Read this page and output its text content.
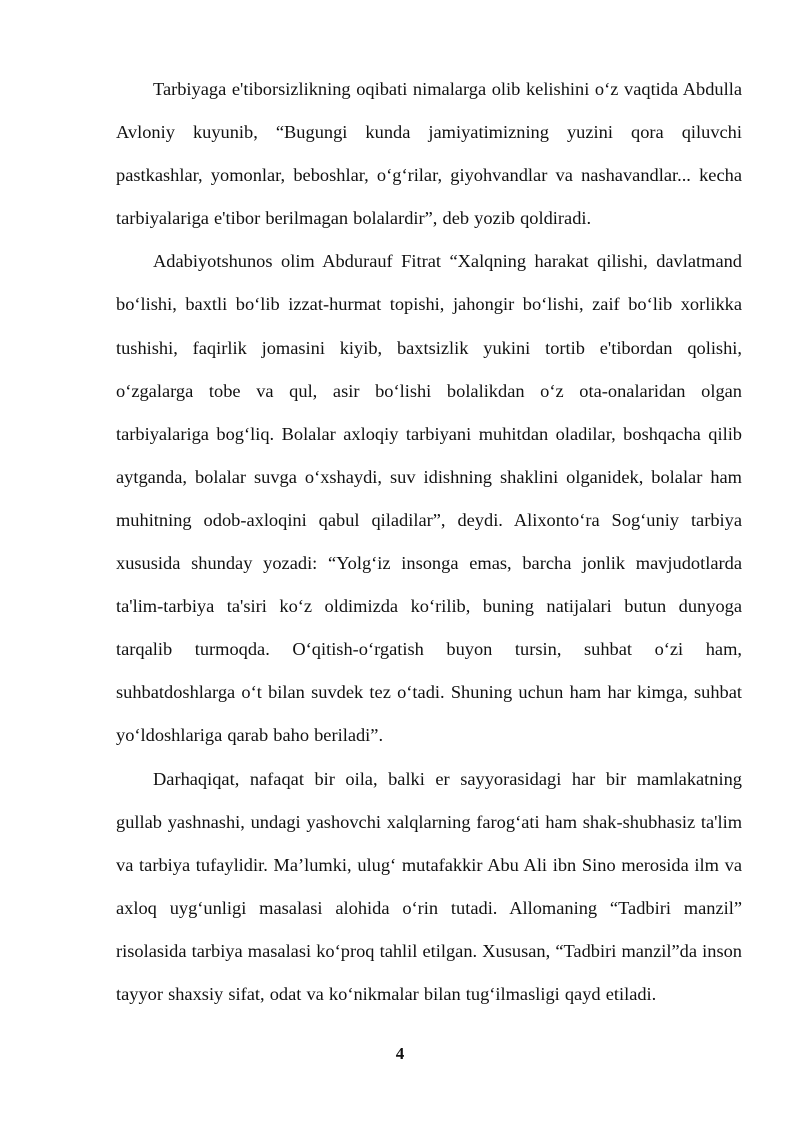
Tarbiyaga e'tiborsizlikning oqibati nimalarga olib kelishini o‘z vaqtida Abdulla Avloniy kuyunib, “Bugungi kunda jamiyatimizning yuzini qora qiluvchi pastkashlar, yomonlar, beboshlar, o‘g‘rilar, giyohvandlar va nashavandlar... kecha tarbiyalariga e'tibor berilmagan bolalardir”, deb yozib qoldiradi.

Adabiyotshunos olim Abdurauf Fitrat “Xalqning harakat qilishi, davlatmand bo‘lishi, baxtli bo‘lib izzat-hurmat topishi, jahongir bo‘lishi, zaif bo‘lib xorlikka tushishi, faqirlik jomasini kiyib, baxtsizlik yukini tortib e'tibordan qolishi, o‘zgalarga tobe va qul, asir bo‘lishi bolalikdan o‘z ota-onalaridan olgan tarbiyalariga bog‘liq. Bolalar axloqiy tarbiyani muhitdan oladilar, boshqacha qilib aytganda, bolalar suvga o‘xshaydi, suv idishning shaklini olganidek, bolalar ham muhitning odob-axloqini qabul qiladilar”, deydi. Alixonto‘ra Sog‘uniy tarbiya xususida shunday yozadi: “Yolg‘iz insonga emas, barcha jonlik mavjudotlarda ta'lim-tarbiya ta'siri ko‘z oldimizda ko‘rilib, buning natijalari butun dunyoga tarqalib turmoqda. O‘qitish-o‘rgatish buyon tursin, suhbat o‘zi ham, suhbatdoshlarga o‘t bilan suvdek tez o‘tadi. Shuning uchun ham har kimga, suhbat yo‘ldoshlariga qarab baho beriladi”.

Darhaqiqat, nafaqat bir oila, balki er sayyorasidagi har bir mamlakatning gullab yashnashi, undagi yashovchi xalqlarning farog‘ati ham shak-shubhasiz ta'lim va tarbiya tufaylidir. Ma’lumki, ulug‘ mutafakkir Abu Ali ibn Sino merosida ilm va axloq uyg‘unligi masalasi alohida o‘rin tutadi. Allomaning “Tadbiri manzil” risolasida tarbiya masalasi ko‘proq tahlil etilgan. Xususan, “Tadbiri manzil”da inson tayyor shaxsiy sifat, odat va ko‘nikmalar bilan tug‘ilmasligi qayd etiladi.

4
